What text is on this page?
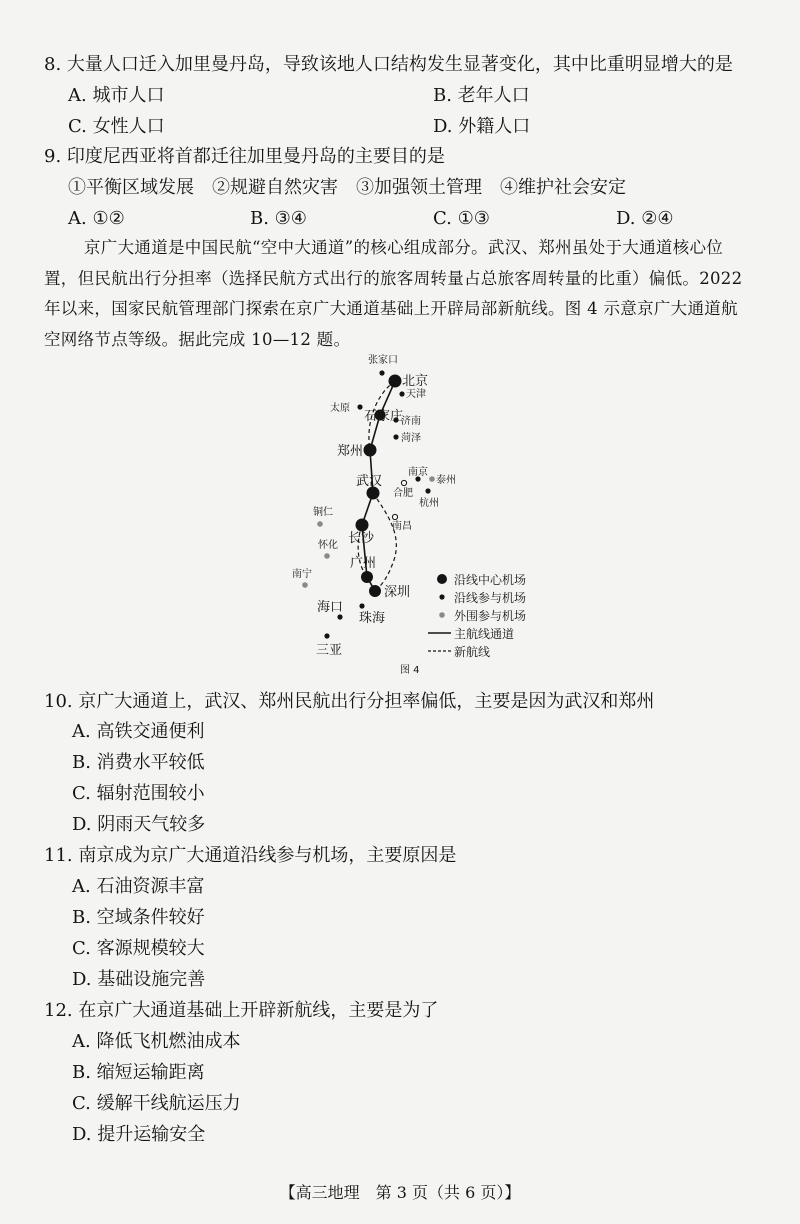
8. 大量人口迁入加里曼丹岛，导致该地人口结构发生显著变化，其中比重明显增大的是
A. 城市人口	B. 老年人口
C. 女性人口	D. 外籍人口
9. 印度尼西亚将首都迁往加里曼丹岛的主要目的是
①平衡区域发展　②规避自然灾害　③加强领土管理　④维护社会安定
A. ①②	B. ③④	C. ①③	D. ②④

京广大通道是中国民航“空中大通道”的核心组成部分。武汉、郑州虽处于大通道核心位

置，但民航出行分担率（选择民航方式出行的旅客周转量占总旅客周转量的比重）偏低。2022

年以来，国家民航管理部门探索在京广大通道基础上开辟局部新航线。图 4 示意京广大通道航

空网络节点等级。据此完成 10—12 题。

张家口
北京
天津
太原
石家庄
济南
菏泽
郑州
南京
泰州
武汉
合肥
杭州
铜仁
南昌
长沙
怀化
南宁
广州
深圳
海口
珠海
三亚
沿线中心机场
沿线参与机场
外围参与机场
主航线通道
新航线
图 4
10. 京广大通道上，武汉、郑州民航出行分担率偏低，主要是因为武汉和郑州
A. 高铁交通便利
B. 消费水平较低
C. 辐射范围较小
D. 阴雨天气较多
11. 南京成为京广大通道沿线参与机场，主要原因是
A. 石油资源丰富
B. 空域条件较好
C. 客源规模较大
D. 基础设施完善
12. 在京广大通道基础上开辟新航线，主要是为了
A. 降低飞机燃油成本
B. 缩短运输距离
C. 缓解干线航运压力
D. 提升运输安全
【高三地理　第 3 页（共 6 页）】
